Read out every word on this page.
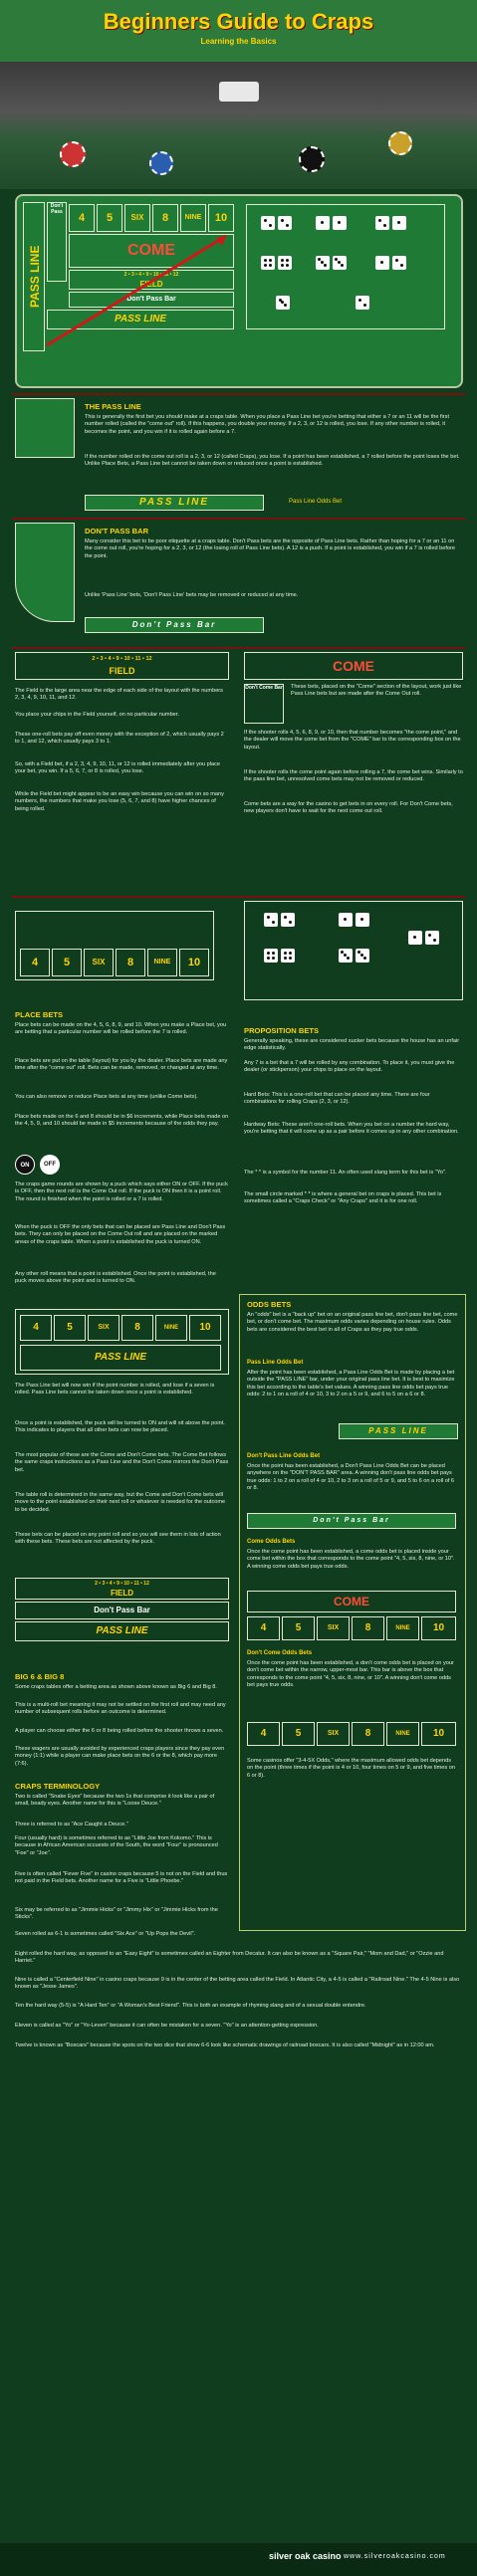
Beginners Guide to Craps
Learning the Basics
PASS LINE
Don't Pass	4	5	SIX	8	NINE	10
COME
2 • 3 • 4 • 9 • 10 • 11 • 12
FIELD
Don't Pass Bar
PASS LINE
THE PASS LINE
This is generally the first bet you should make at a craps table. When you place a Pass Line bet you're betting that either a 7 or an 11 will be the first number rolled (called the "come out" roll). If this happens, you double your money. If a 2, 3, or 12 is rolled, you lose. If any other number is rolled, it becomes the point, and you win if it is rolled again before a 7.
If the number rolled on the come out roll is a 2, 3, or 12 (called Craps), you lose. If a point has been established, a 7 rolled before the point loses the bet. Unlike Place Bets, a Pass Line bet cannot be taken down or reduced once a point is established.
PASS LINE	Pass Line Odds Bet
DON'T PASS BAR
Many consider this bet to be poor etiquette at a craps table. Don't Pass bets are the opposite of Pass Line bets. Rather than hoping for a 7 or an 11 on the come out roll, you're hoping for a 2, 3, or 12 (the losing roll of Pass Line bets). A 12 is a push. If a point is established, you win if a 7 is rolled before the point.
Unlike 'Pass Line' bets, 'Don't Pass Line' bets may be removed or reduced at any time.
Don't Pass Bar
2 • 3 • 4 • 9 • 10 • 11 • 12
FIELD
The Field is the large area near the edge of each side of the layout with the numbers 2, 3, 4, 9, 10, 11, and 12.
You place your chips in the Field yourself, on no particular number.
These one-roll bets pay off even money with the exception of 2, which usually pays 2 to 1, and 12, which usually pays 3 to 1.
So, with a Field bet, if a 2, 3, 4, 9, 10, 11, or 12 is rolled immediately after you place your bet, you win. If a 5, 6, 7, or 8 is rolled, you lose.
While the Field bet might appear to be an easy win because you can win on so many numbers, the numbers that make you lose (5, 6, 7, and 8) have higher chances of being rolled.
COME
Don't Come Bar These bets, placed on the "Come" section of the layout, work just like Pass Line bets but are made after the Come Out roll.
If the shooter rolls 4, 5, 6, 8, 9, or 10, then that number becomes "the come point," and the dealer will move the come bet from the "COME" bar to the corresponding box on the layout.
If the shooter rolls the come point again before rolling a 7, the come bet wins. Similarly to the pass line bet, unresolved come bets may not be removed or reduced.
Come bets are a way for the casino to get bets in on every roll. For Don't Come bets, new players don't have to wait for the next come out roll.
4	5	SIX	8	NINE	10
PLACE BETS
Place bets can be made on the 4, 5, 6, 8, 9, and 10. When you make a Place bet, you are betting that a particular number will be rolled before the 7 is rolled.
Place bets are put on the table (layout) for you by the dealer. Place bets are made any time after the "come out" roll. Bets can be made, removed, or changed at any time.
You can also remove or reduce Place bets at any time (unlike Come bets).
Place bets made on the 6 and 8 should be in $6 increments, while Place bets made on the 4, 5, 9, and 10 should be made in $5 increments because of the odds they pay.
ON	OFF
The craps game rounds are shown by a puck which says either ON or OFF. If the puck is OFF, then the next roll is the Come Out roll. If the puck is ON then it is a point roll. The round is finished when the point is rolled or a 7 is rolled.
When the puck is OFF the only bets that can be placed are Pass Line and Don't Pass bets. They can only be placed on the Come Out roll and are placed on the marked areas of the craps table. When a point is established the puck is turned ON.
Any other roll means that a point is established. Once the point is established, the puck moves above the point and is turned to ON.
4	5	SIX	8	NINE	10
PASS LINE
The Pass Line bet will now win if the point number is rolled, and lose if a seven is rolled. Pass Line bets cannot be taken down once a point is established.
Once a point is established, the puck will be turned to ON and will sit above the point. This indicates to players that all other bets can now be placed.
The most popular of these are the Come and Don't Come bets. The Come Bet follows the same craps instructions as a Pass Line and the Don't Come mirrors the Don't Pass bet.
The table roll is determined in the same way, but the Come and Don't Come bets will move to the point established on their next roll or whatever is needed for the outcome to be decided.
These bets can be placed on any point roll and so you will see them in lots of action with these bets. These bets are not affected by the puck.
2 • 3 • 4 • 9 • 10 • 11 • 12
FIELD
Don't Pass Bar
PASS LINE
PROPOSITION BETS
Generally speaking, these are considered sucker bets because the house has an unfair edge statistically.
Any 7 is a bet that a 7 will be rolled by any combination. To place it, you must give the dealer (or stickperson) your chips to place on the layout.
Hard Bets: This is a one-roll bet that can be placed any time. There are four combinations for rolling Craps (2, 3, or 12).
Hardway Bets: These aren't one-roll bets. When you bet on a number the hard way, you're betting that it will come up as a pair before it comes up in any other combination.
The * * is a symbol for the number 11. An often used slang term for this bet is "Yo".
The small circle marked * * is where a general bet on craps is placed. This bet is sometimes called a "Craps Check" or "Any Craps" and it is for one roll.
ODDS BETS
An "odds" bet is a "back up" bet on an original pass line bet, don't pass line bet, come bet, or don't come bet. The maximum odds varies depending on house rules. Odds bets are considered the best bet in all of Craps as they pay true odds.
Pass Line Odds Bet
After the point has been established, a Pass Line Odds Bet is made by placing a bet outside the "PASS LINE" bar, under your original pass line bet. It is best to maximize this bet according to the table's bet values. A winning pass line odds bet pays true odds: 2 to 1 on a roll of 4 or 10, 3 to 2 on a 5 or 9, and 6 to 5 on a 6 or 8.
PASS LINE
Don't Pass Line Odds Bet
Once the point has been established, a Don't Pass Line Odds Bet can be placed anywhere on the "DON'T PASS BAR" area. A winning don't pass line odds bet pays true odds: 1 to 2 on a roll of 4 or 10, 2 to 3 on a roll of 5 or 9, and 5 to 6 on a roll of 6 or 8.
Don't Pass Bar
Come Odds Bets
Once the come point has been established, a come odds bet is placed inside your come bet within the box that corresponds to the come point "4, 5, six, 8, nine, or 10". A winning come odds bet pays true odds.
COME
4	5	SIX	8	NINE	10
Don't Come Odds Bets
Once the come point has been established, a don't come odds bet is placed on your don't come bet within the narrow, upper-most bar. This bar is above the box that corresponds to the come point "4, 5, six, 8, nine, or 10". A winning don't come odds bet pays true odds.
4	5	SIX	8	NINE	10
Some casinos offer "3-4-5X Odds," where the maximum allowed odds bet depends on the point (three times if the point is 4 or 10, four times on 5 or 9, and five times on 6 or 8).
BIG 6 & BIG 8
Some craps tables offer a betting area as shown above known as Big 6 and Big 8.
This is a multi-roll bet meaning it may not be settled on the first roll and may need any number of subsequent rolls before an outcome is determined.
A player can choose either the 6 or 8 being rolled before the shooter throws a seven.
These wagers are usually avoided by experienced craps players since they pay even money (1:1) while a player can make place bets on the 6 or the 8, which pay more (7:6).
CRAPS TERMINOLOGY
Two is called "Snake Eyes" because the two 1s that comprise it look like a pair of small, beady eyes. Another name for this is "Loose Deuce."
Three is referred to as "Ace Caught a Deuce."
Four (usually hard) is sometimes referred to as "Little Joe from Kokomo." This is because in African American sccuests of the South, the word "Four" is pronounced "Foe" or "Joe".
Five is often called "Fever Five" in casino craps because 5 is not on the Field and thus not paid in the Field bets. Another name for a Five is "Little Phoebe."
Six may be referred to as "Jimmie Hicks" or "Jimmy Hix" or "Jimmie Hicks from the Sticks".
Seven rolled as 6-1 is sometimes called "Six Ace" or "Up Pops the Devil".
Eight rolled the hard way, as opposed to an "Easy Eight" is sometimes called an Eighter from Decatur. It can also be known as a "Square Pair," "Mom and Dad," or "Ozzie and Harriet."
Nine is called a "Centerfield Nine" in casino craps because 9 is in the center of the betting area called the Field. In Atlantic City, a 4-5 is called a "Railroad Nine." The 4-5 Nine is also known as "Jesse James".
Ten the hard way (5-5) is "A Hard Ten" or "A Woman's Best Friend". This is both an example of rhyming slang and of a sexual double entendre.
Eleven is called as "Yo" or "Yo-Leven" because it can often be mistaken for a seven. "Yo" is an attention-getting expression.
Twelve is known as "Boxcars" because the spots on the two dice that show 6-6 look like schematic drawings of railroad boxcars. It is also called "Midnight" as in 12:00 am.
silver oak casino www.silveroakcasino.com
